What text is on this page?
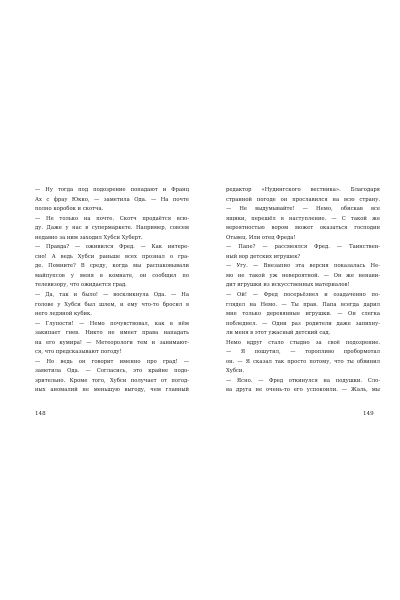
— Ну тогда под подозрение попадают и Франц
Ах с фрау Юкко, — заметила Ода. — На почте
полно коробок и скотча.
— Не только на почте. Скотч продаётся всю-
ду. Даже у нас в супермаркете. Например, совсем
недавно за ним заходил Хубси Хуберт.
— Правда? — оживился Фред. — Как интере-
сно! А ведь Хубси раньше всех прознал о гра-
де. Помните? В среду, когда мы распаковывали
майпупсов у меня в комнате, он сообщил по
телевизору, что ожидается град.
— Да, так и было! — воскликнула Ода. — На
голове у Хубси был шлем, и ему что-то бросил в
него ледяной кубик.
— Глупости! — Немо почувствовал, как в нём
закипает гнев. Никто не имеет права нападать
на его кумира! — Метеорологи тем и занимают-
ся, что предсказывают погоду!
— Но ведь он говорит именно про град! —
заметила Ода. — Согласись, это крайне подо-
зрительно. Кроме того, Хубси получает от погод-
ных аномалий не меньшую выгоду, чем главный
редактор «Нудингского вестника». Благодаря
странной погоде он прославился на всю страну.
— Не выдумывайте! — Немо, обискав все
ящики, перешёл в наступление. — С такой же
вероятностью вором может оказаться господин
Отьвец. Или отец Фреда!
— Папе? — рассмеялся Фред. — Таинствен-
ный вор детских игрушек?
— Угу. — Внезапно эта версия показалась Не-
мо не такой уж невероятной. — Он же ненави-
дит игрушки из искусственных материалов!
— Ой! — Фред посерьёзнел и озадаченно по-
глядел на Немо. — Ты прав. Папа всегда дарил
мне только деревянные игрушки. — Он слегка
побледнел. — Одни раз родители даже запихну-
ли меня в этот ужасный детский сад.
Немо вдруг стало стыдно за своё подозрение.
— Я пошутил, — торопливо пробормотал
он. — Я сказал так просто потому, что ты обвинил
Хубси.
— Ясно. — Фред откинулся на подушки. Сло-
ва друга не очень-то его успокоили. — Жаль, мы
148	149
